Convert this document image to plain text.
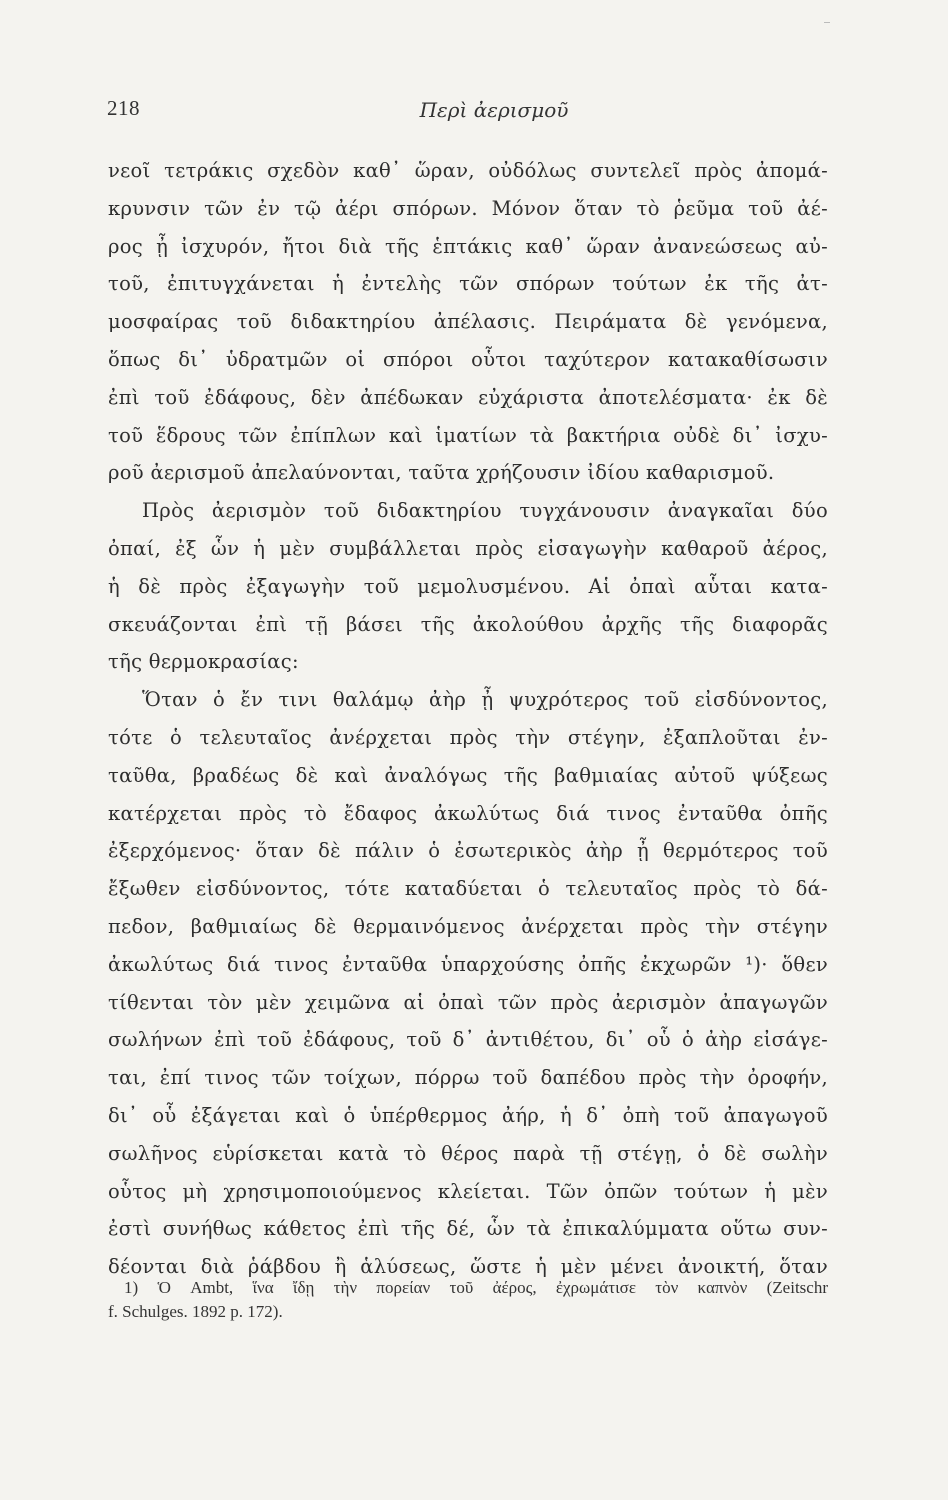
218	Περὶ ἀερισμοῦ
νεοῖ τετράκις σχεδὸν καθ᾽ ὥραν, οὐδόλως συντελεῖ πρὸς ἀπομά-
κρυνσιν τῶν ἐν τῷ ἀέρι σπόρων. Μόνον ὅταν τὸ ῥεῦμα τοῦ ἀέ-
ρος ᾖ ἰσχυρόν, ἤτοι διὰ τῆς ἑπτάκις καθ᾽ ὥραν ἀνανεώσεως αὐ-
τοῦ, ἐπιτυγχάνεται ἡ ἐντελὴς τῶν σπόρων τούτων ἐκ τῆς ἀτ-
μοσφαίρας τοῦ διδακτηρίου ἀπέλασις. Πειράματα δὲ γενόμενα,
ὅπως δι᾽ ὑδρατμῶν οἱ σπόροι οὗτοι ταχύτερον κατακαθίσωσιν
ἐπὶ τοῦ ἐδάφους, δὲν ἀπέδωκαν εὐχάριστα ἀποτελέσματα· ἐκ δὲ
τοῦ ἕδρους τῶν ἐπίπλων καὶ ἱματίων τὰ βακτήρια οὐδὲ δι᾽ ἰσχυ-
ροῦ ἀερισμοῦ ἀπελαύνονται, ταῦτα χρήζουσιν ἰδίου καθαρισμοῦ.
Πρὸς ἀερισμὸν τοῦ διδακτηρίου τυγχάνουσιν ἀναγκαῖαι δύο
ὀπαί, ἐξ ὧν ἡ μὲν συμβάλλεται πρὸς εἰσαγωγὴν καθαροῦ ἀέρος,
ἡ δὲ πρὸς ἐξαγωγὴν τοῦ μεμολυσμένου. Αἱ ὀπαὶ αὗται κατα-
σκευάζονται ἐπὶ τῇ βάσει τῆς ἀκολούθου ἀρχῆς τῆς διαφορᾶς
τῆς θερμοκρασίας:
Ὅταν ὁ ἔν τινι θαλάμῳ ἀὴρ ᾖ ψυχρότερος τοῦ εἰσδύνοντος,
τότε ὁ τελευταῖος ἀνέρχεται πρὸς τὴν στέγην, ἐξαπλοῦται ἐν-
ταῦθα, βραδέως δὲ καὶ ἀναλόγως τῆς βαθμιαίας αὐτοῦ ψύξεως
κατέρχεται πρὸς τὸ ἔδαφος ἀκωλύτως διά τινος ἐνταῦθα ὀπῆς
ἐξερχόμενος· ὅταν δὲ πάλιν ὁ ἐσωτερικὸς ἀὴρ ᾖ θερμότερος τοῦ
ἔξωθεν εἰσδύνοντος, τότε καταδύεται ὁ τελευταῖος πρὸς τὸ δά-
πεδον, βαθμιαίως δὲ θερμαινόμενος ἀνέρχεται πρὸς τὴν στέγην
ἀκωλύτως διά τινος ἐνταῦθα ὑπαρχούσης ὀπῆς ἐκχωρῶν ¹)· ὅθεν
τίθενται τὸν μὲν χειμῶνα αἱ ὀπαὶ τῶν πρὸς ἀερισμὸν ἀπαγωγῶν
σωλήνων ἐπὶ τοῦ ἐδάφους, τοῦ δ᾽ ἀντιθέτου, δι᾽ οὗ ὁ ἀὴρ εἰσάγε-
ται, ἐπί τινος τῶν τοίχων, πόρρω τοῦ δαπέδου πρὸς τὴν ὀροφήν,
δι᾽ οὗ ἐξάγεται καὶ ὁ ὑπέρθερμος ἀήρ, ἡ δ᾽ ὀπὴ τοῦ ἀπαγωγοῦ
σωλῆνος εὑρίσκεται κατὰ τὸ θέρος παρὰ τῇ στέγῃ, ὁ δὲ σωλὴν
οὗτος μὴ χρησιμοποιούμενος κλείεται. Τῶν ὀπῶν τούτων ἡ μὲν
ἐστὶ συνήθως κάθετος ἐπὶ τῆς δέ, ὧν τὰ ἐπικαλύμματα οὕτω συν-
δέονται διὰ ῥάβδου ἢ ἁλύσεως, ὥστε ἡ μὲν μένει ἀνοικτή, ὅταν
1) Ὁ Ambt, ἵνα ἴδῃ τὴν πορείαν τοῦ ἀέρος, ἐχρωμάτισε τὸν καπνὸν (Zeitschr
f. Schulges. 1892 p. 172).
